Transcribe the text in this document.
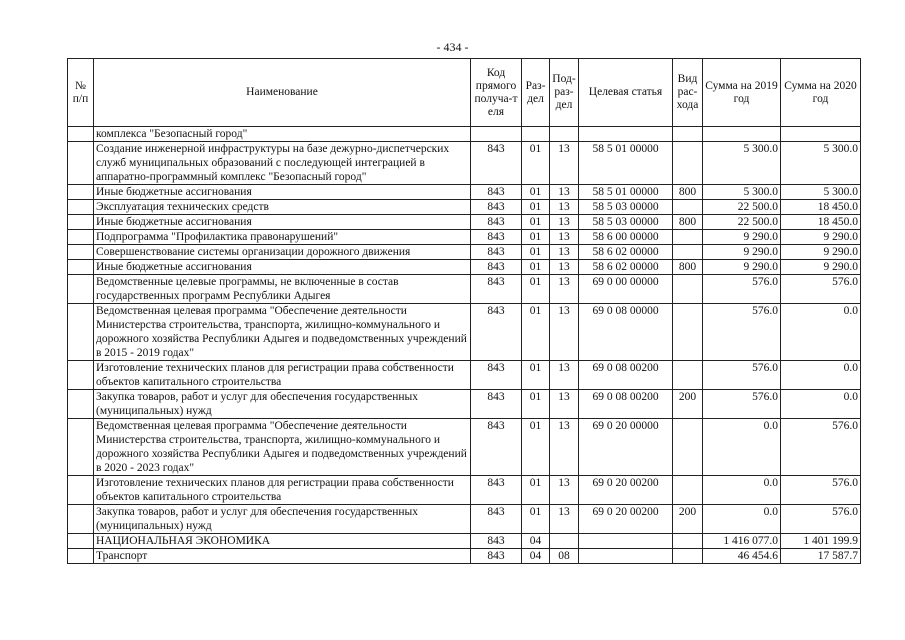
- 434 -
№ п/п	Наименование	Код прямого получа-т еля	Раз- дел	Под- раз- дел	Целевая статья	Вид рас- хода	Сумма на 2019 год	Сумма на 2020 год
	комплекса "Безопасный город"							
	Создание инженерной инфраструктуры на базе дежурно-диспетчерских служб муниципальных образований с последующей интеграцией в аппаратно-программный комплекс "Безопасный город"	843	01	13	58 5 01 00000		5 300.0	5 300.0
	Иные бюджетные ассигнования	843	01	13	58 5 01 00000	800	5 300.0	5 300.0
	Эксплуатация технических средств	843	01	13	58 5 03 00000		22 500.0	18 450.0
	Иные бюджетные ассигнования	843	01	13	58 5 03 00000	800	22 500.0	18 450.0
	Подпрограмма "Профилактика правонарушений"	843	01	13	58 6 00 00000		9 290.0	9 290.0
	Совершенствование системы организации дорожного движения	843	01	13	58 6 02 00000		9 290.0	9 290.0
	Иные бюджетные ассигнования	843	01	13	58 6 02 00000	800	9 290.0	9 290.0
	Ведомственные целевые программы, не включенные в состав государственных программ Республики Адыгея	843	01	13	69 0 00 00000		576.0	576.0
	Ведомственная целевая программа "Обеспечение деятельности Министерства строительства, транспорта, жилищно-коммунального и дорожного хозяйства Республики Адыгея и подведомственных учреждений в 2015 - 2019 годах"	843	01	13	69 0 08 00000		576.0	0.0
	Изготовление технических планов для регистрации права собственности объектов капитального строительства	843	01	13	69 0 08 00200		576.0	0.0
	Закупка товаров, работ и услуг для обеспечения государственных (муниципальных) нужд	843	01	13	69 0 08 00200	200	576.0	0.0
	Ведомственная целевая программа "Обеспечение деятельности Министерства строительства, транспорта, жилищно-коммунального и дорожного хозяйства Республики Адыгея и подведомственных учреждений в 2020 - 2023 годах"	843	01	13	69 0 20 00000		0.0	576.0
	Изготовление технических планов для регистрации права собственности объектов капитального строительства	843	01	13	69 0 20 00200		0.0	576.0
	Закупка товаров, работ и услуг для обеспечения государственных (муниципальных) нужд	843	01	13	69 0 20 00200	200	0.0	576.0
	НАЦИОНАЛЬНАЯ ЭКОНОМИКА	843	04				1 416 077.0	1 401 199.9
	Транспорт	843	04	08			46 454.6	17 587.7
